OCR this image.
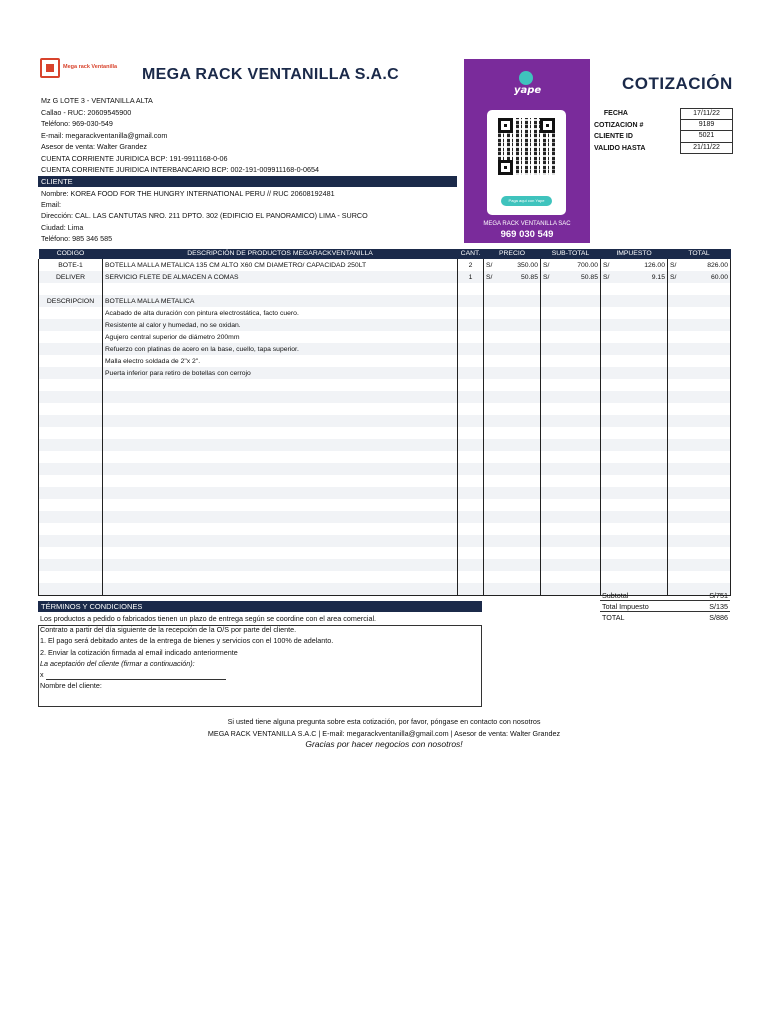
Mega rack Ventanilla MEGA RACK VENTANILLA S.A.C
Mz G LOTE 3 - VENTANILLA ALTA
Callao - RUC: 20609545900
Teléfono: 969-030-549
E-mail: megarackventanilla@gmail.com
Asesor de venta: Walter Grandez
CUENTA CORRIENTE JURIDICA BCP: 191-9911168-0-06
CUENTA CORRIENTE JURIDICA INTERBANCARIO BCP: 002-191-009911168-0-0654
yape
Paga aquí con Yape
MEGA RACK VENTANILLA SAC
969 030 549
COTIZACIÓN
FECHA	17/11/22
COTIZACION #	9189
CLIENTE ID	5021
VALIDO HASTA	21/11/22
CLIENTE
Nombre: KOREA FOOD FOR THE HUNGRY INTERNATIONAL PERU // RUC 20608192481
Email:
Dirección: CAL. LAS CANTUTAS NRO. 211 DPTO. 302 (EDIFICIO EL PANORAMICO) LIMA - SURCO
Ciudad: Lima
Teléfono: 985 346 585
CODIGO	DESCRIPCIÓN DE PRODUCTOS MEGARACKVENTANILLA	CANT.	PRECIO	SUB-TOTAL	IMPUESTO	TOTAL
BOTE-1	BOTELLA MALLA METALICA 135 CM ALTO X60 CM DIAMETRO/ CAPACIDAD 250LT	2	S/ 350.00	S/ 700.00	S/ 126.00	S/ 826.00

DELIVER	SERVICIO FLETE DE ALMACEN A COMAS	1	S/ 50.85	S/ 50.85	S/ 9.15	S/ 60.00

DESCRIPCION	BOTELLA MALLA METALICA					
	Acabado de alta duración con pintura electrostática, facto cuero.					
	Resistente al calor y humedad, no se oxidan.					
	Agujero central superior de diámetro 200mm					
	Refuerzo con platinas de acero en la base, cuello, tapa superior.					
	Malla electro soldada de 2"x 2".					
	Puerta inferior para retiro de botellas con cerrojo					

Subtotal	S/751
Total Impuesto	S/135
TOTAL	S/886
TÉRMINOS Y CONDICIONES
Los productos a pedido o fabricados tienen un plazo de entrega según se coordine con el area comercial.
Contrato a partir del día siguiente de la recepción de la O/S por parte del cliente.
1. El pago será debitado antes de la entrega de bienes y servicios con el 100% de adelanto.
2. Enviar la cotización firmada al email indicado anteriormente
La aceptación del cliente (firmar a continuación):
x
Nombre del cliente:
Si usted tiene alguna pregunta sobre esta cotización, por favor, póngase en contacto con nosotros
MEGA RACK VENTANILLA S.A.C | E-mail: megarackventanilla@gmail.com | Asesor de venta: Walter Grandez
Gracias por hacer negocios con nosotros!
